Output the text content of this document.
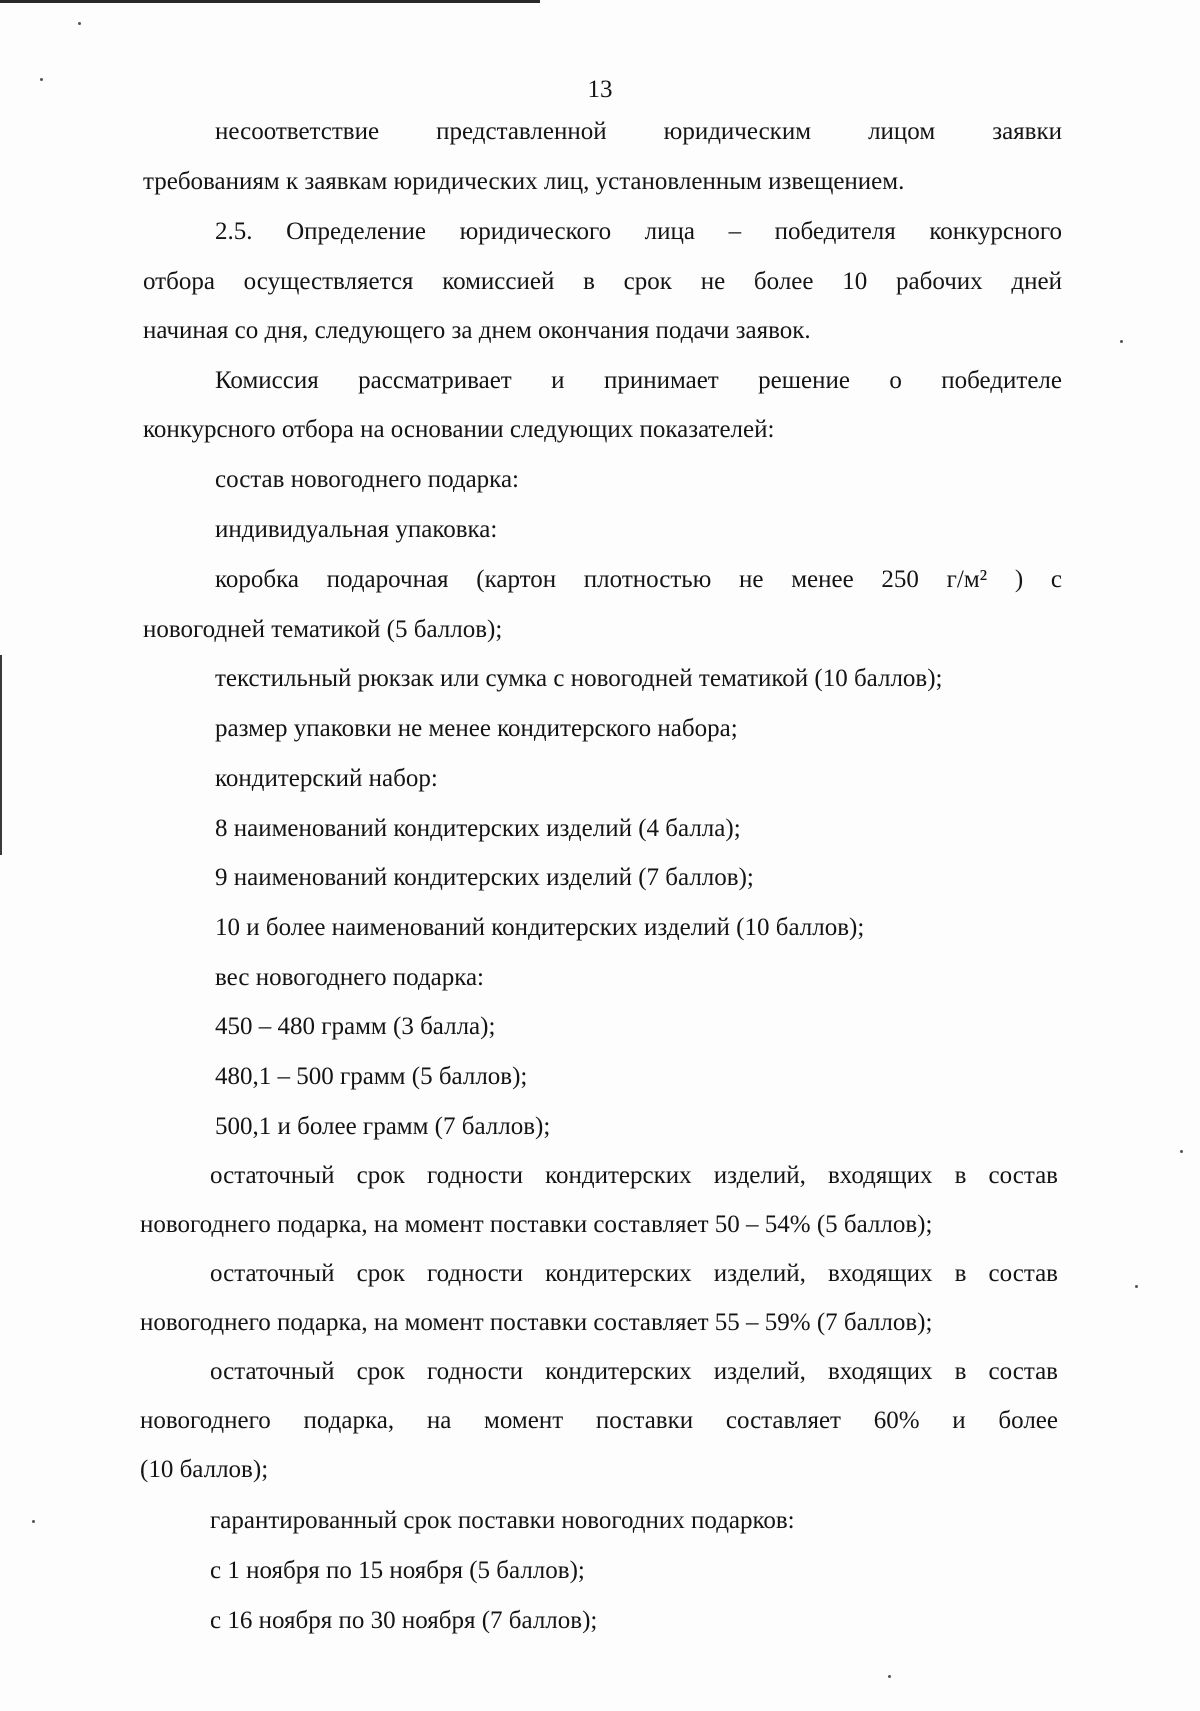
13
несоответствие представленной юридическим лицом заявки
требованиям к заявкам юридических лиц, установленным извещением.
2.5. Определение юридического лица – победителя конкурсного
отбора осуществляется комиссией в срок не более 10 рабочих дней
начиная со дня, следующего за днем окончания подачи заявок.
Комиссия рассматривает и принимает решение о победителе
конкурсного отбора на основании следующих показателей:
состав новогоднего подарка:
индивидуальная упаковка:
коробка подарочная (картон плотностью не менее 250 г/м² ) с
новогодней тематикой (5 баллов);
текстильный рюкзак или сумка с новогодней тематикой (10 баллов);
размер упаковки не менее кондитерского набора;
кондитерский набор:
8 наименований кондитерских изделий (4 балла);
9 наименований кондитерских изделий (7 баллов);
10 и более наименований кондитерских изделий (10 баллов);
вес новогоднего подарка:
450 – 480 грамм (3 балла);
480,1 – 500 грамм (5 баллов);
500,1 и более грамм (7 баллов);
остаточный срок годности кондитерских изделий, входящих в состав
новогоднего подарка, на момент поставки составляет 50 – 54% (5 баллов);
остаточный срок годности кондитерских изделий, входящих в состав
новогоднего подарка, на момент поставки составляет 55 – 59% (7 баллов);
остаточный срок годности кондитерских изделий, входящих в состав
новогоднего подарка, на момент поставки составляет 60% и более
(10 баллов);
гарантированный срок поставки новогодних подарков:
с 1 ноября по 15 ноября (5 баллов);
с 16 ноября по 30 ноября (7 баллов);
